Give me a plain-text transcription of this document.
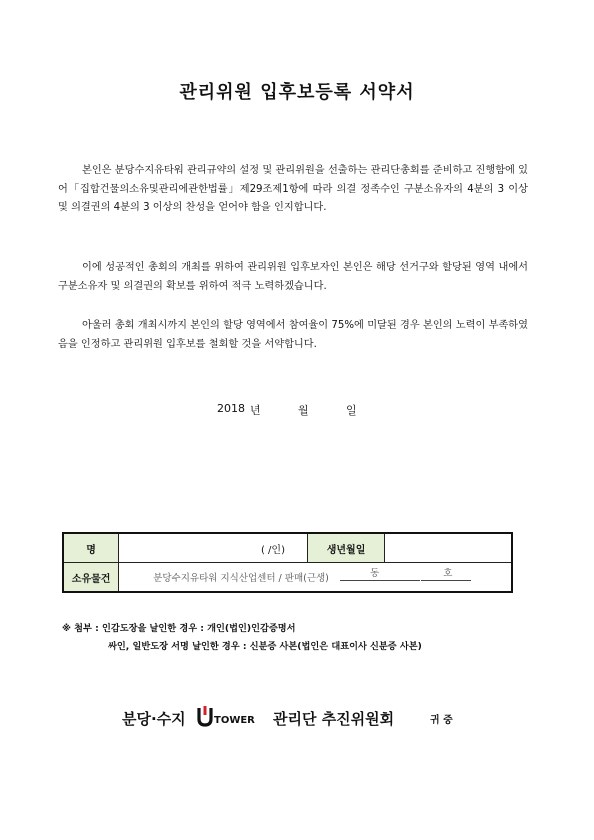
관리위원 입후보등록 서약서

본인은 분당수지유타워 관리규약의 설정 및 관리위원을 선출하는 관리단총회를 준비하고 진행함에 있어「집합건물의소유및관리에관한법률」제29조제1항에 따라 의결 정족수인 구분소유자의 4분의 3 이상 및 의결권의 4분의 3 이상의 찬성을 얻어야 함을 인지합니다.

이에 성공적인 총회의 개최를 위하여 관리위원 입후보자인 본인은 해당 선거구와 할당된 영역 내에서 구분소유자 및 의결권의 확보를 위하여 적극 노력하겠습니다.

아울러 총회 개최시까지 본인의 할당 영역에서 참여율이 75%에 미달된 경우 본인의 노력이 부족하였음을 인정하고 관리위원 입후보를 철회할 것을 서약합니다.

2018 년	월	일
명	( /인)	생년월일	
소유물건	분당수지유타워 지식산업센터 / 판매(근생) 동
호		
※ 첨부 : 인감도장을 날인한 경우 : 개인(법인)인감증명서
싸인, 일반도장 서명 날인한 경우 : 신분증 사본(법인은 대표이사 신분증 사본)
분당·수지	TOWER 관리단 추진위원회	귀 중
